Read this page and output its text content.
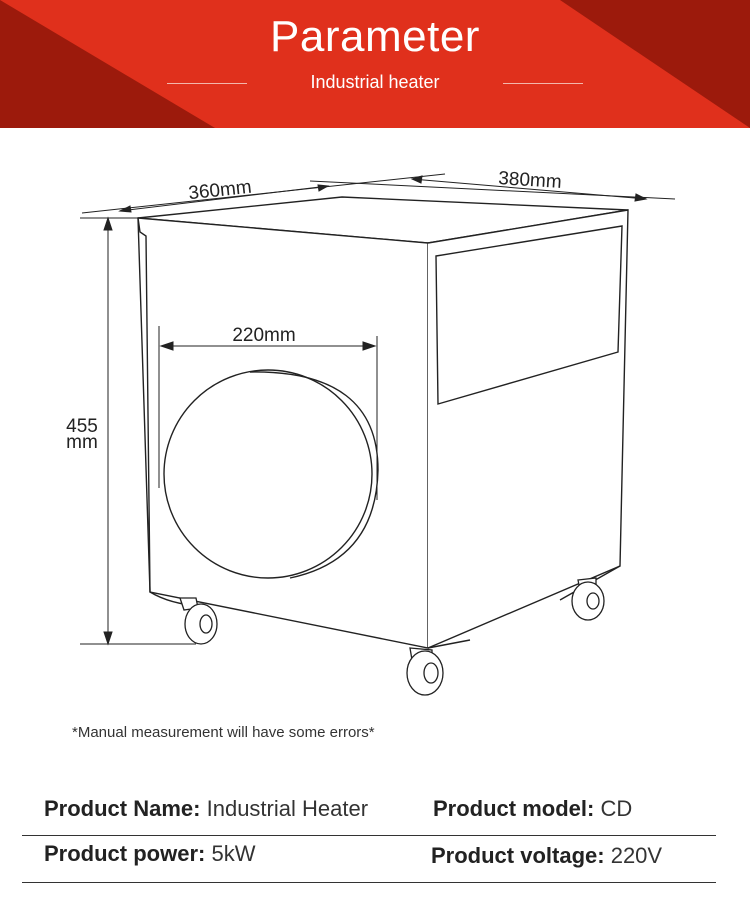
Parameter
Industrial heater
360mm	380mm
220mm
455
mm
*Manual measurement will have some errors*
Product Name: Industrial Heater	Product model: CD
Product power: 5kW	Product voltage: 220V
